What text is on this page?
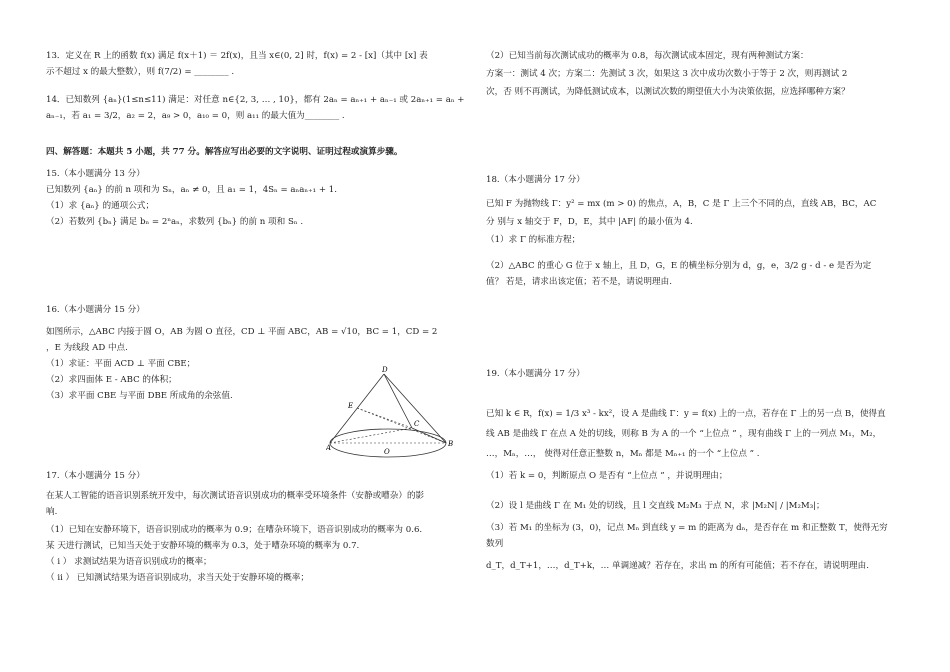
13．定义在 R 上的函数 f(x) 满足 f(x＋1) ＝ 2f(x)，且当 x∈(0, 2] 时，f(x) = 2 - [x]（其中 [x] 表

示不超过 x 的最大整数），则 f(7/2) = ________ .

14．已知数列 {aₙ}(1≤n≤11) 满足：对任意 n∈{2, 3, … , 10}，都有 2aₙ = aₙ₊₁ + aₙ₋₁ 或 2aₙ₊₁ = aₙ +

aₙ₋₁，若 a₁ = 3/2，a₂ = 2，a₉ > 0，a₁₀ = 0，则 a₁₁ 的最大值为________ .

四、解答题：本题共 5 小题，共 77 分。解答应写出必要的文字说明、证明过程或演算步骤。

15.（本小题满分 13 分）

已知数列 {aₙ} 的前 n 项和为 Sₙ，aₙ ≠ 0，且 a₁ = 1，4Sₙ = aₙaₙ₊₁ + 1.

（1）求 {aₙ} 的通项公式；

（2）若数列 {bₙ} 满足 bₙ = 2ⁿaₙ，求数列 {bₙ} 的前 n 项和 Sₙ .

16.（本小题满分 15 分）

如图所示，△ABC 内接于圆 O，AB 为圆 O 直径，CD ⊥ 平面 ABC，AB = √10，BC = 1，CD = 2

，E 为线段 AD 中点.

（1）求证：平面 ACD ⊥ 平面 CBE；

（2）求四面体 E - ABC 的体积；

（3）求平面 CBE 与平面 DBE 所成角的余弦值.

D
E
A	O
B
C

17.（本小题满分 15 分）

在某人工智能的语音识别系统开发中，每次测试语音识别成功的概率受环境条件（安静或嘈杂）的影

响.

（1）已知在安静环境下，语音识别成功的概率为 0.9；在嘈杂环境下，语音识别成功的概率为 0.6.

某 天进行测试，已知当天处于安静环境的概率为 0.3，处于嘈杂环境的概率为 0.7.

（ i ） 求测试结果为语音识别成功的概率；

（ ii ） 已知测试结果为语音识别成功，求当天处于安静环境的概率；

（2）已知当前每次测试成功的概率为 0.8，每次测试成本固定，现有两种测试方案：

方案一：测试 4 次；方案二：先测试 3 次，如果这 3 次中成功次数小于等于 2 次，则再测试 2

次，否 则不再测试，为降低测试成本，以测试次数的期望值大小为决策依据，应选择哪种方案？

18.（本小题满分 17 分）

已知 F 为抛物线 Γ：y² = mx (m > 0) 的焦点，A，B，C 是 Γ 上三个不同的点，直线 AB，BC，AC

分 别与 x 轴交于 F，D，E，其中 |AF| 的最小值为 4.

（1）求 Γ 的标准方程；

（2）△ABC 的重心 G 位于 x 轴上，且 D，G，E 的横坐标分别为 d，g，e，3/2 g - d - e 是否为定

值？ 若是，请求出该定值；若不是，请说明理由.

19.（本小题满分 17 分）

已知 k ∈ R，f(x) = 1/3 x³ - kx²，设 A 是曲线 Γ：y = f(x) 上的一点，若存在 Γ 上的另一点 B，使得直

线 AB 是曲线 Γ 在点 A 处的切线，则称 B 为 A 的一个 “上位点 ” ，现有曲线 Γ 上的一列点 M₁，M₂，

…，Mₙ，…， 使得对任意正整数 n，Mₙ 都是 Mₙ₊₁ 的一个 “上位点 ” .

（1）若 k = 0，判断原点 O 是否有 “上位点 ” ，并说明理由；

（2）设 l 是曲线 Γ 在 M₁ 处的切线，且 l 交直线 M₂M₃ 于点 N，求 |M₂N| / |M₂M₃|；

（3）若 M₁ 的坐标为 (3，0)，记点 Mₙ 到直线 y = m 的距离为 dₙ，是否存在 m 和正整数 T，使得无穷

数列

d_T，d_T+1，…，d_T+k，… 单调递减？若存在，求出 m 的所有可能值；若不存在，请说明理由.
